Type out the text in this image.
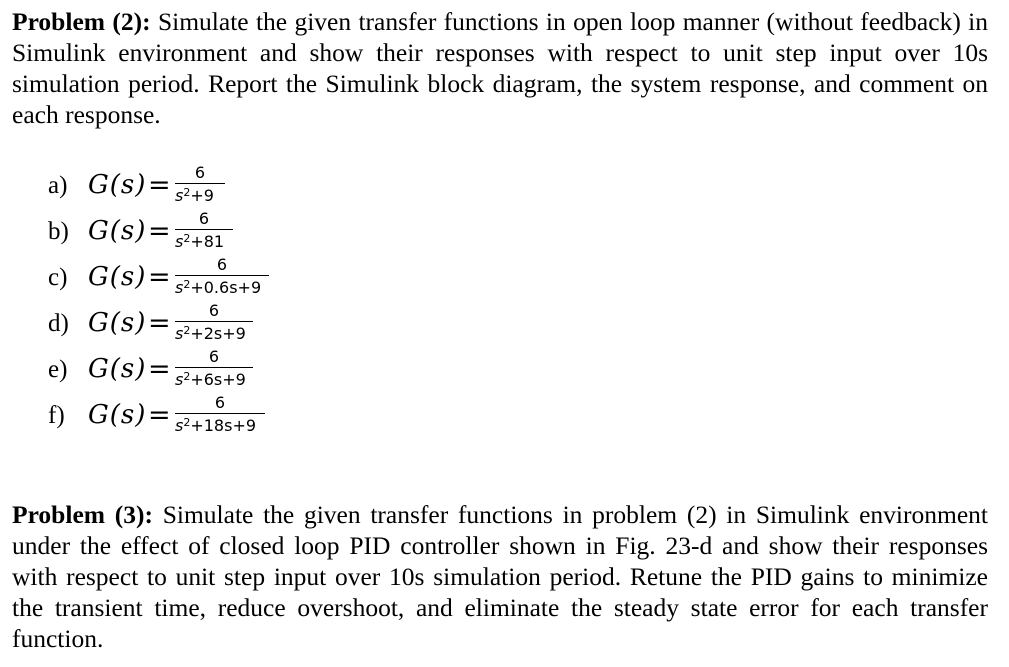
Problem (2): Simulate the given transfer functions in open loop manner (without feedback) in Simulink environment and show their responses with respect to unit step input over 10s simulation period. Report the Simulink block diagram, the system response, and comment on each response.
a) G(s) =	6
$s^2+9$
b) G(s) =	6
$s^2+81$
c) G(s) =	6
$s^2+0.6s+9$
d) G(s) =	6
$s^2+2s+9$
e) G(s) =	6
$s^2+6s+9$
f) G(s) =	6
$s^2+18s+9$
Problem (3): Simulate the given transfer functions in problem (2) in Simulink environment under the effect of closed loop PID controller shown in Fig. 23-d and show their responses with respect to unit step input over 10s simulation period. Retune the PID gains to minimize the transient time, reduce overshoot, and eliminate the steady state error for each transfer function.
